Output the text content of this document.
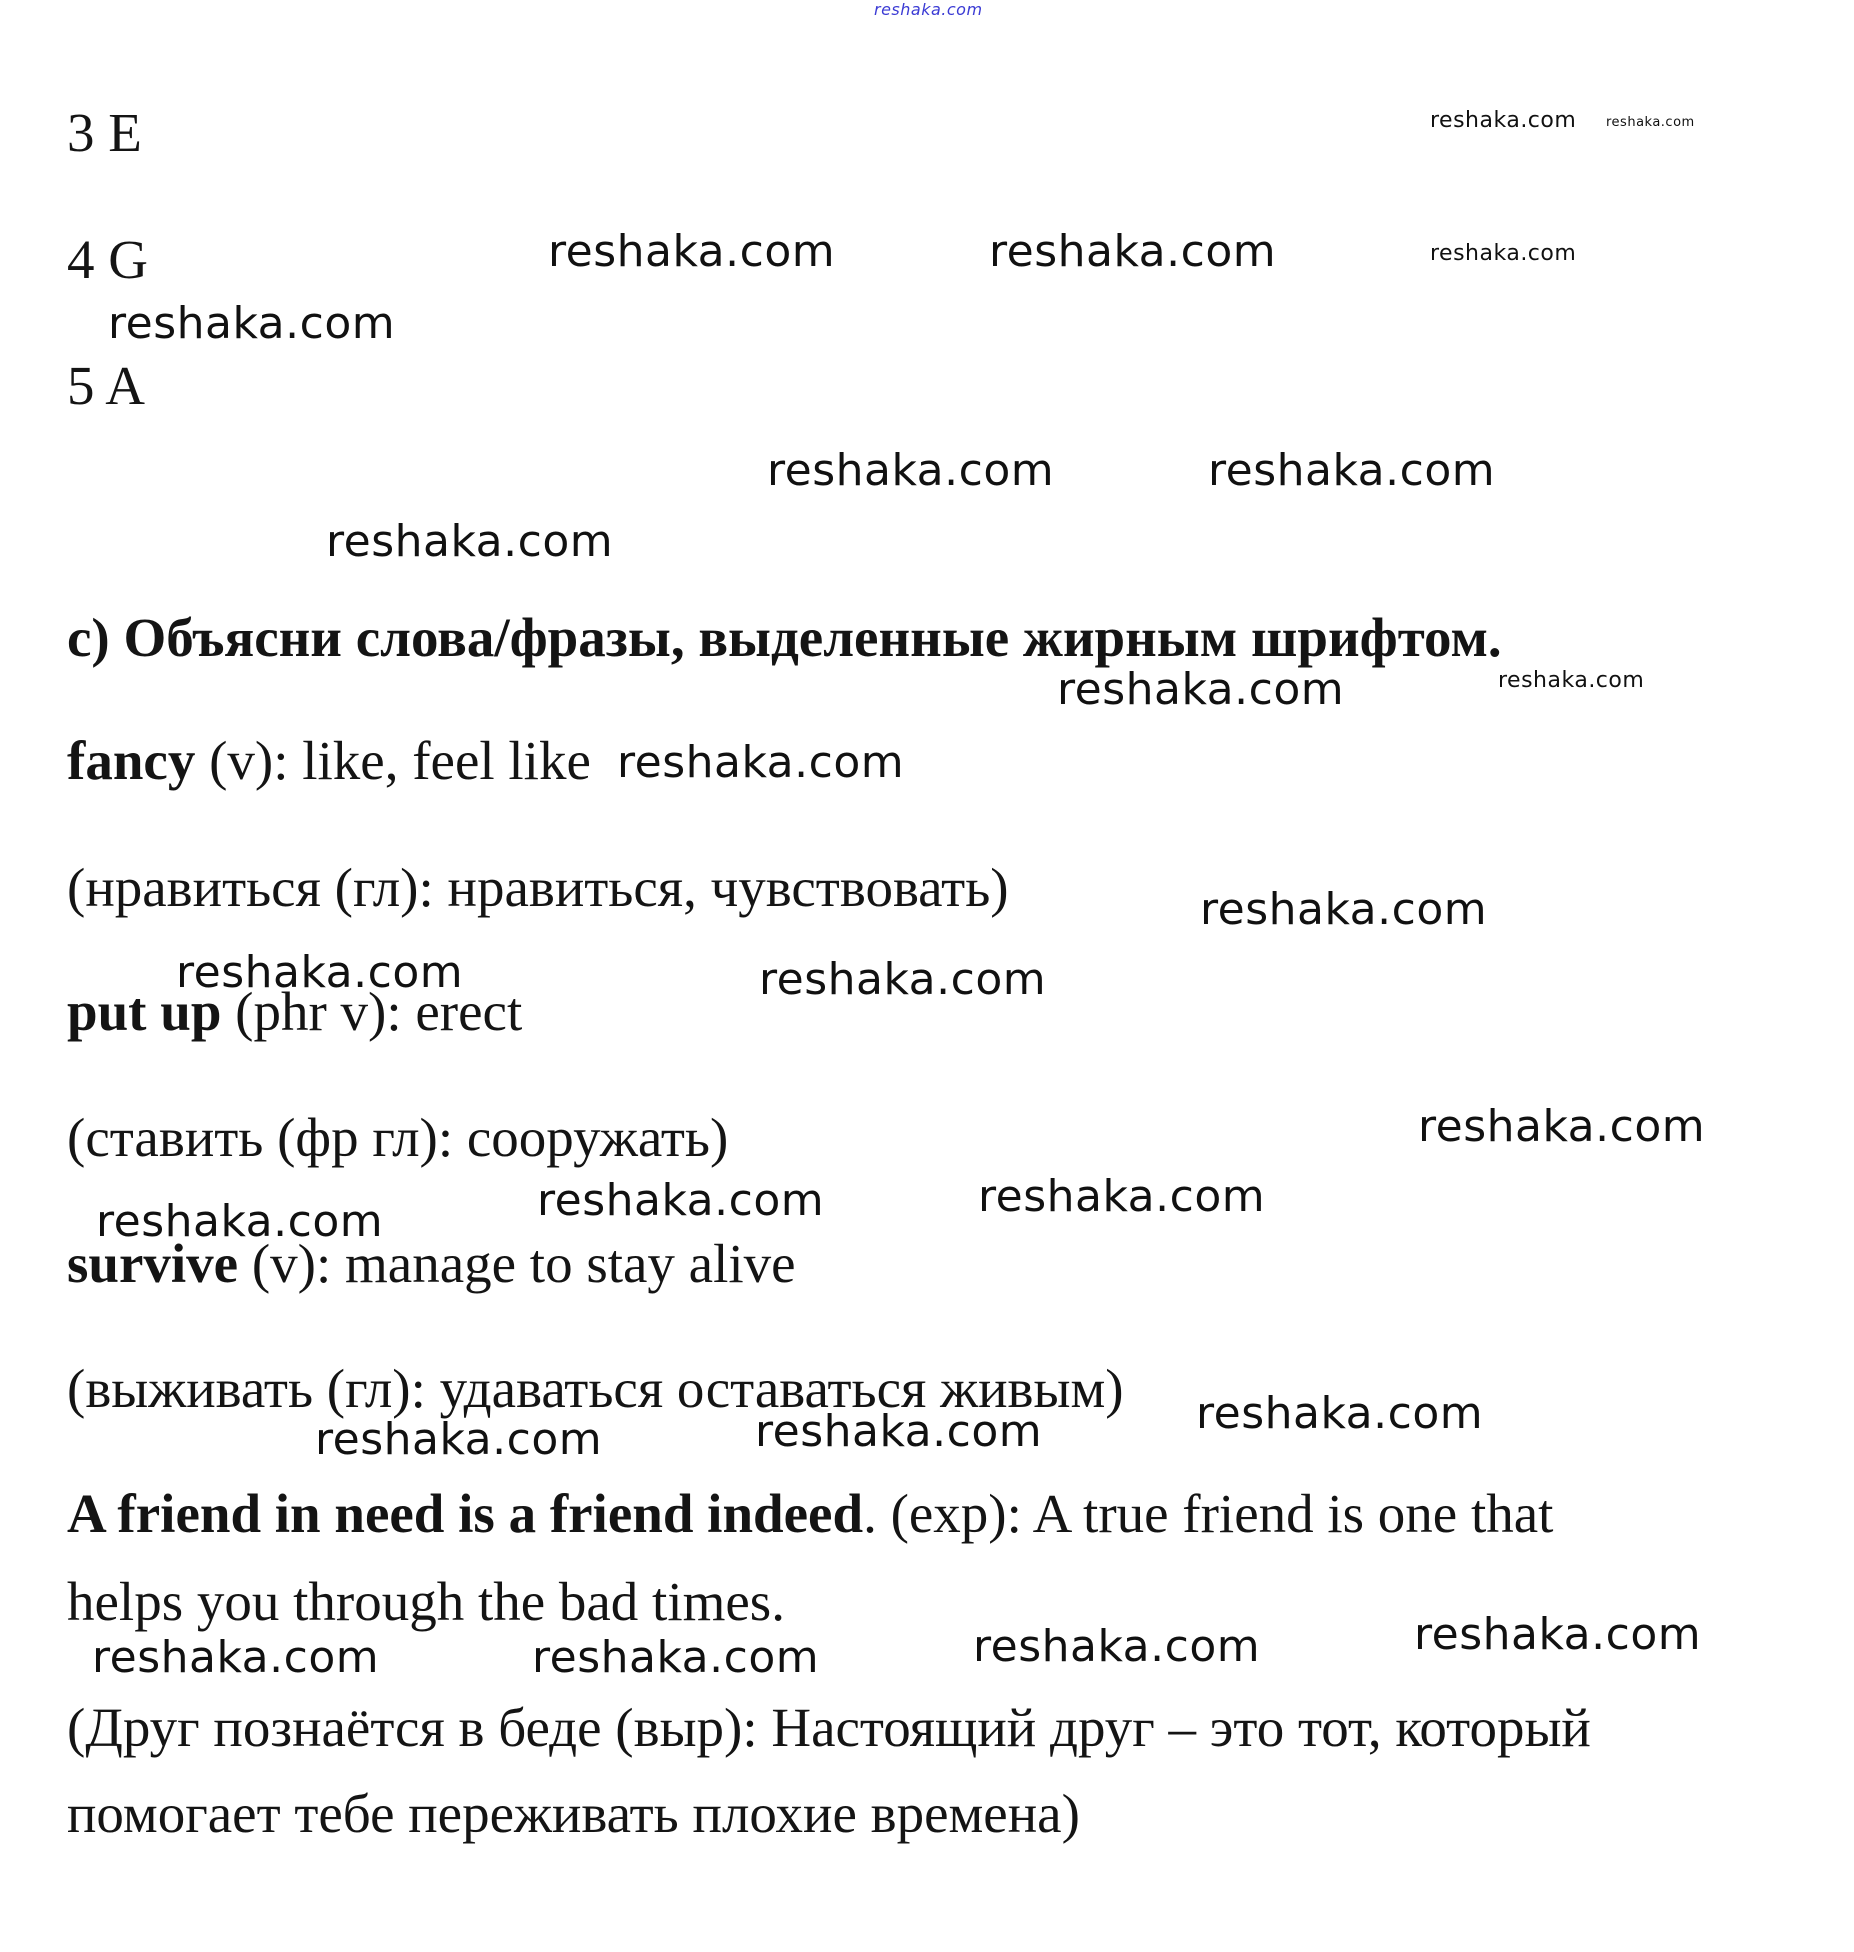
reshaka.com
reshaka.com reshaka.com
reshaka.com	reshaka.com	reshaka.com
reshaka.com
reshaka.com	reshaka.com
reshaka.com
reshaka.com	reshaka.com
reshaka.com
reshaka.com
reshaka.com	reshaka.com
reshaka.com
reshaka.com	reshaka.com
reshaka.com
reshaka.com
reshaka.com
reshaka.com
reshaka.com
reshaka.com
reshaka.com	reshaka.com
3 E
4 G
5 A
c) Объясни слова/фразы, выделенные жирным шрифтом.
fancy (v): like, feel like
(нравиться (гл): нравиться, чувствовать)
put up (phr v): erect
(ставить (фр гл): сооружать)
survive (v): manage to stay alive
(выживать (гл): удаваться оставаться живым)
A friend in need is a friend indeed. (exp): A true friend is one that
helps you through the bad times.
(Друг познаётся в беде (выр): Настоящий друг – это тот, который
помогает тебе переживать плохие времена)
